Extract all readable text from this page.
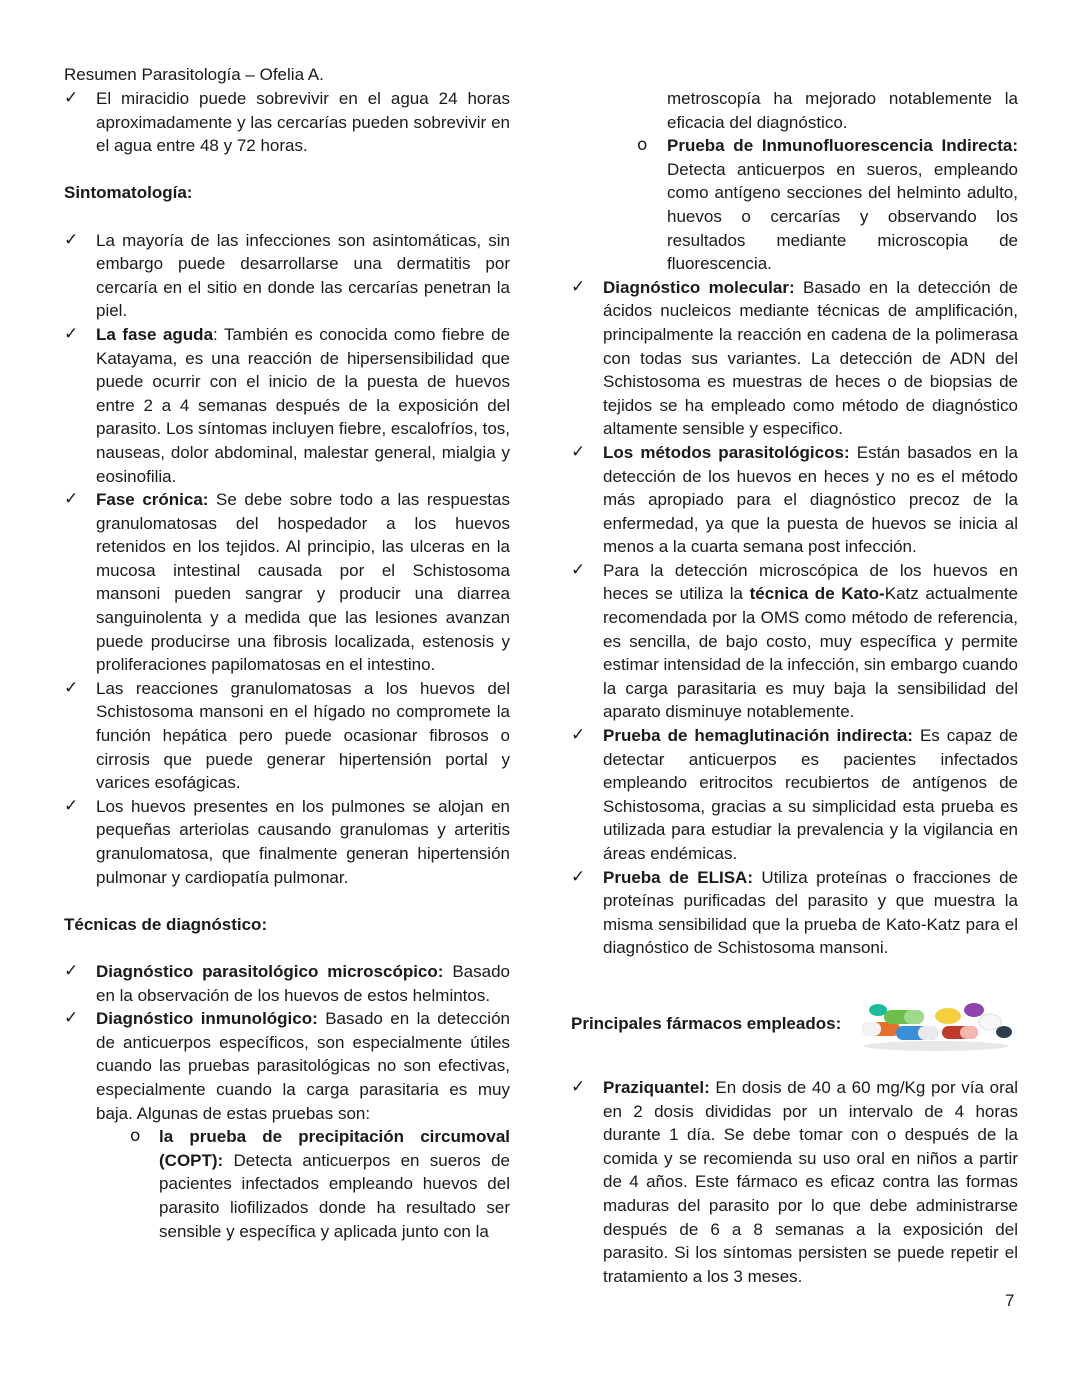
Resumen Parasitología – Ofelia A.
✓ El miracidio puede sobrevivir en el agua 24 horas aproximadamente y las cercarías pueden sobrevivir en el agua entre 48 y 72 horas.
Sintomatología:
✓ La mayoría de las infecciones son asintomáticas, sin embargo puede desarrollarse una dermatitis por cercaría en el sitio en donde las cercarías penetran la piel.
✓ La fase aguda: También es conocida como fiebre de Katayama, es una reacción de hipersensibilidad que puede ocurrir con el inicio de la puesta de huevos entre 2 a 4 semanas después de la exposición del parasito. Los síntomas incluyen fiebre, escalofríos, tos, nauseas, dolor abdominal, malestar general, mialgia y eosinofilia.
✓ Fase crónica: Se debe sobre todo a las respuestas granulomatosas del hospedador a los huevos retenidos en los tejidos. Al principio, las ulceras en la mucosa intestinal causada por el Schistosoma mansoni pueden sangrar y producir una diarrea sanguinolenta y a medida que las lesiones avanzan puede producirse una fibrosis localizada, estenosis y proliferaciones papilomatosas en el intestino.
✓ Las reacciones granulomatosas a los huevos del Schistosoma mansoni en el hígado no compromete la función hepática pero puede ocasionar fibrosos o cirrosis que puede generar hipertensión portal y varices esofágicas.
✓ Los huevos presentes en los pulmones se alojan en pequeñas arteriolas causando granulomas y arteritis granulomatosa, que finalmente generan hipertensión pulmonar y cardiopatía pulmonar.
Técnicas de diagnóstico:
✓ Diagnóstico parasitológico microscópico: Basado en la observación de los huevos de estos helmintos.
✓ Diagnóstico inmunológico: Basado en la detección de anticuerpos específicos, son especialmente útiles cuando las pruebas parasitológicas no son efectivas, especialmente cuando la carga parasitaria es muy baja. Algunas de estas pruebas son:
o la prueba de precipitación circumoval (COPT): Detecta anticuerpos en sueros de pacientes infectados empleando huevos del parasito liofilizados donde ha resultado ser sensible y específica y aplicada junto con la
metroscopía ha mejorado notablemente la eficacia del diagnóstico.
o Prueba de Inmunofluorescencia Indirecta: Detecta anticuerpos en sueros, empleando como antígeno secciones del helminto adulto, huevos o cercarías y observando los resultados mediante microscopia de fluorescencia.
✓ Diagnóstico molecular: Basado en la detección de ácidos nucleicos mediante técnicas de amplificación, principalmente la reacción en cadena de la polimerasa con todas sus variantes. La detección de ADN del Schistosoma es muestras de heces o de biopsias de tejidos se ha empleado como método de diagnóstico altamente sensible y especifico.
✓ Los métodos parasitológicos: Están basados en la detección de los huevos en heces y no es el método más apropiado para el diagnóstico precoz de la enfermedad, ya que la puesta de huevos se inicia al menos a la cuarta semana post infección.
✓ Para la detección microscópica de los huevos en heces se utiliza la técnica de Kato-Katz actualmente recomendada por la OMS como método de referencia, es sencilla, de bajo costo, muy específica y permite estimar intensidad de la infección, sin embargo cuando la carga parasitaria es muy baja la sensibilidad del aparato disminuye notablemente.
✓ Prueba de hemaglutinación indirecta: Es capaz de detectar anticuerpos es pacientes infectados empleando eritrocitos recubiertos de antígenos de Schistosoma, gracias a su simplicidad esta prueba es utilizada para estudiar la prevalencia y la vigilancia en áreas endémicas.
✓ Prueba de ELISA: Utiliza proteínas o fracciones de proteínas purificadas del parasito y que muestra la misma sensibilidad que la prueba de Kato-Katz para el diagnóstico de Schistosoma mansoni.
Principales fármacos empleados:
✓ Praziquantel: En dosis de 40 a 60 mg/Kg por vía oral en 2 dosis divididas por un intervalo de 4 horas durante 1 día. Se debe tomar con o después de la comida y se recomienda su uso oral en niños a partir de 4 años. Este fármaco es eficaz contra las formas maduras del parasito por lo que debe administrarse después de 6 a 8 semanas a la exposición del parasito. Si los síntomas persisten se puede repetir el tratamiento a los 3 meses.
7
